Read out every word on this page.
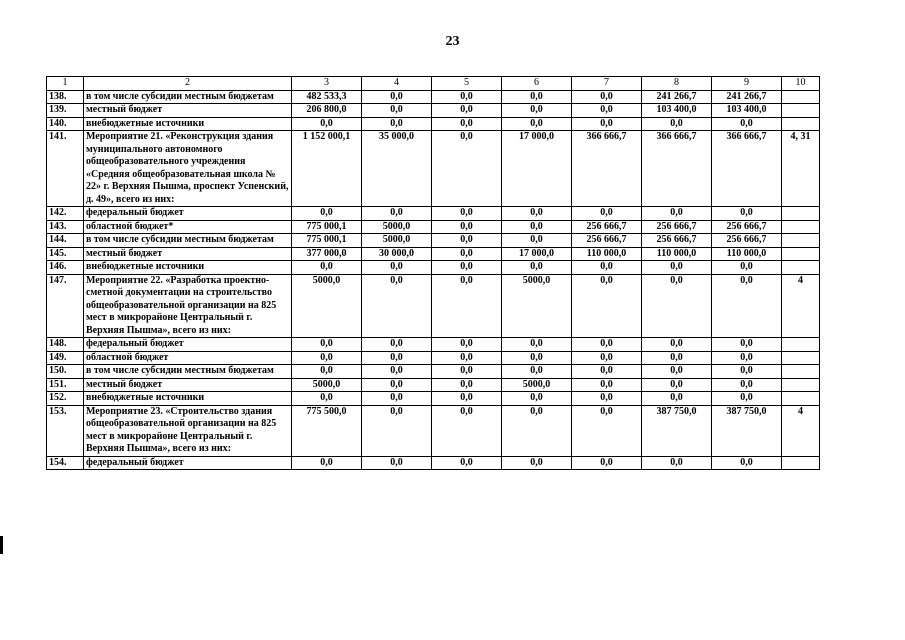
23
1	2	3	4	5	6	7	8	9	10
138.	в том числе субсидии местным бюджетам	482 533,3	0,0	0,0	0,0	0,0	241 266,7	241 266,7	
139.	местный бюджет	206 800,0	0,0	0,0	0,0	0,0	103 400,0	103 400,0	
140.	внебюджетные источники	0,0	0,0	0,0	0,0	0,0	0,0	0,0	
141.	Мероприятие 21. «Реконструкция здания муниципального автономного общеобразовательного учреждения «Средняя общеобразовательная школа № 22» г. Верхняя Пышма, проспект Успенский, д. 49», всего из них:	1 152 000,1	35 000,0	0,0	17 000,0	366 666,7	366 666,7	366 666,7	4, 31
142.	федеральный бюджет	0,0	0,0	0,0	0,0	0,0	0,0	0,0	
143.	областной бюджет*	775 000,1	5000,0	0,0	0,0	256 666,7	256 666,7	256 666,7	
144.	в том числе субсидии местным бюджетам	775 000,1	5000,0	0,0	0,0	256 666,7	256 666,7	256 666,7	
145.	местный бюджет	377 000,0	30 000,0	0,0	17 000,0	110 000,0	110 000,0	110 000,0	
146.	внебюджетные источники	0,0	0,0	0,0	0,0	0,0	0,0	0,0	
147.	Мероприятие 22. «Разработка проектно-сметной документации на строительство общеобразовательной организации на 825 мест в микрорайоне Центральный г. Верхняя Пышма», всего из них:	5000,0	0,0	0,0	5000,0	0,0	0,0	0,0	4
148.	федеральный бюджет	0,0	0,0	0,0	0,0	0,0	0,0	0,0	
149.	областной бюджет	0,0	0,0	0,0	0,0	0,0	0,0	0,0	
150.	в том числе субсидии местным бюджетам	0,0	0,0	0,0	0,0	0,0	0,0	0,0	
151.	местный бюджет	5000,0	0,0	0,0	5000,0	0,0	0,0	0,0	
152.	внебюджетные источники	0,0	0,0	0,0	0,0	0,0	0,0	0,0	
153.	Мероприятие 23. «Строительство здания общеобразовательной организации на 825 мест в микрорайоне Центральный г. Верхняя Пышма», всего из них:	775 500,0	0,0	0,0	0,0	0,0	387 750,0	387 750,0	4
154.	федеральный бюджет	0,0	0,0	0,0	0,0	0,0	0,0	0,0	
